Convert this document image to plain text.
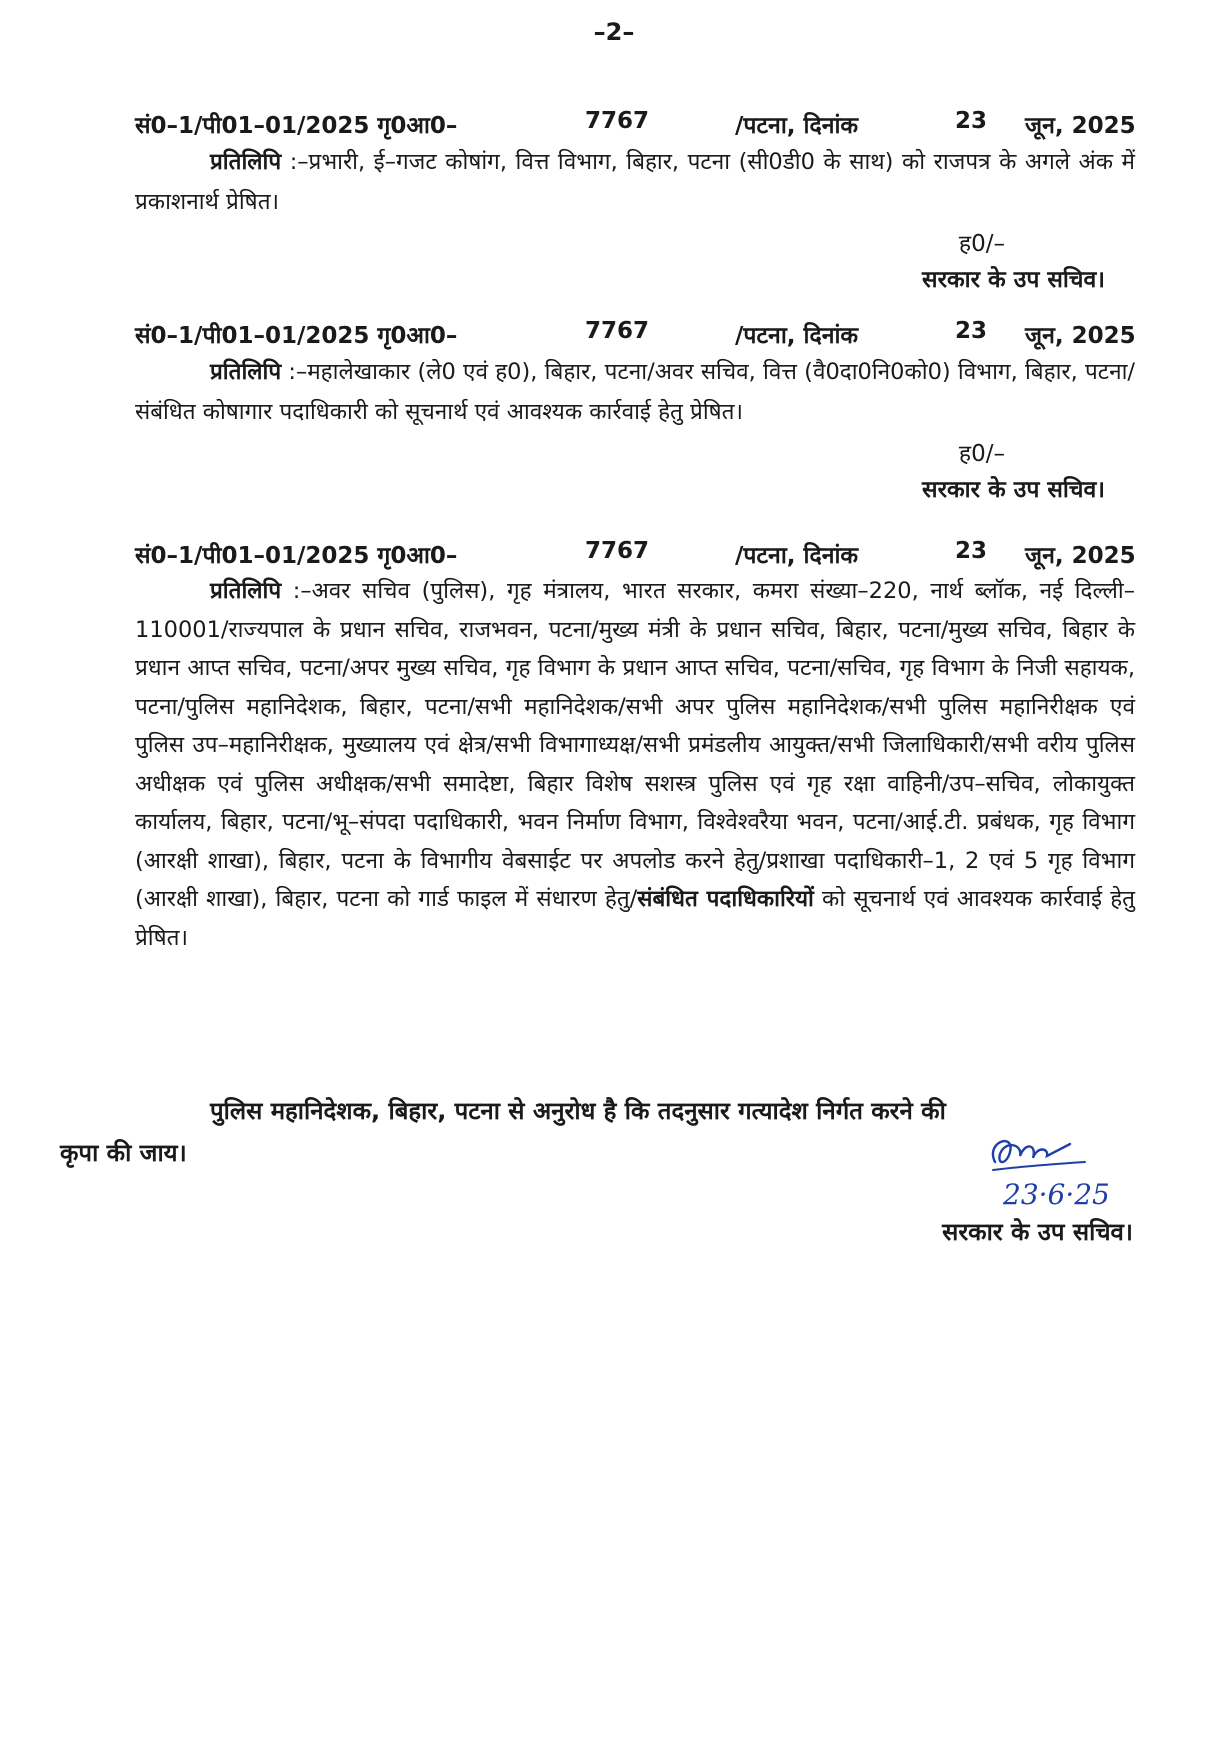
–2–
सं0–1/पी01–01/2025 गृ0आ0–	7767	/पटना, दिनांक	23 जून, 2025

प्रतिलिपि :–प्रभारी, ई–गजट कोषांग, वित्त विभाग, बिहार, पटना (सी0डी0 के साथ) को राजपत्र के अगले अंक में प्रकाशनार्थ प्रेषित।

ह0/–
सरकार के उप सचिव।
सं0–1/पी01–01/2025 गृ0आ0–	7767	/पटना, दिनांक	23 जून, 2025

प्रतिलिपि :–महालेखाकार (ले0 एवं ह0), बिहार, पटना/अवर सचिव, वित्त (वै0दा0नि0को0) विभाग, बिहार, पटना/संबंधित कोषागार पदाधिकारी को सूचनार्थ एवं आवश्यक कार्रवाई हेतु प्रेषित।

ह0/–
सरकार के उप सचिव।
सं0–1/पी01–01/2025 गृ0आ0–	7767	/पटना, दिनांक	23 जून, 2025

प्रतिलिपि :–अवर सचिव (पुलिस), गृह मंत्रालय, भारत सरकार, कमरा संख्या–220, नार्थ ब्लॉक, नई दिल्ली–110001/राज्यपाल के प्रधान सचिव, राजभवन, पटना/मुख्य मंत्री के प्रधान सचिव, बिहार, पटना/मुख्य सचिव, बिहार के प्रधान आप्त सचिव, पटना/अपर मुख्य सचिव, गृह विभाग के प्रधान आप्त सचिव, पटना/सचिव, गृह विभाग के निजी सहायक, पटना/पुलिस महानिदेशक, बिहार, पटना/सभी महानिदेशक/सभी अपर पुलिस महानिदेशक/सभी पुलिस महानिरीक्षक एवं पुलिस उप–महानिरीक्षक, मुख्यालय एवं क्षेत्र/सभी विभागाध्यक्ष/सभी प्रमंडलीय आयुक्त/सभी जिलाधिकारी/सभी वरीय पुलिस अधीक्षक एवं पुलिस अधीक्षक/सभी समादेष्टा, बिहार विशेष सशस्त्र पुलिस एवं गृह रक्षा वाहिनी/उप–सचिव, लोकायुक्त कार्यालय, बिहार, पटना/भू–संपदा पदाधिकारी, भवन निर्माण विभाग, विश्वेश्वरैया भवन, पटना/आई.टी. प्रबंधक, गृह विभाग (आरक्षी शाखा), बिहार, पटना के विभागीय वेबसाईट पर अपलोड करने हेतु/प्रशाखा पदाधिकारी–1, 2 एवं 5 गृह विभाग (आरक्षी शाखा), बिहार, पटना को गार्ड फाइल में संधारण हेतु/संबंधित पदाधिकारियों को सूचनार्थ एवं आवश्यक कार्रवाई हेतु प्रेषित।

पुलिस महानिदेशक, बिहार, पटना से अनुरोध है कि तदनुसार गत्यादेश निर्गत करने की
कृपा की जाय।

23·6·25
सरकार के उप सचिव।
